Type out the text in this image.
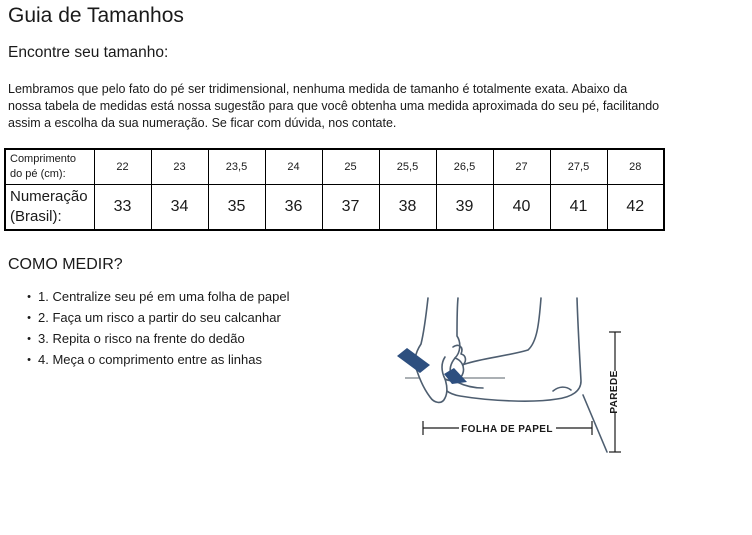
Guia de Tamanhos
Encontre seu tamanho:
Lembramos que pelo fato do pé ser tridimensional, nenhuma medida de tamanho é totalmente exata. Abaixo da
nossa tabela de medidas está nossa sugestão para que você obtenha uma medida aproximada do seu pé, facilitando
assim a escolha da sua numeração. Se ficar com dúvida, nos contate.
Comprimento do pé (cm):	22	23	23,5	24	25	25,5	26,5	27	27,5	28
Numeração (Brasil):	33	34	35	36	37	38	39	40	41	42
COMO MEDIR?
• 1. Centralize seu pé em uma folha de papel
• 2. Faça um risco a partir do seu calcanhar
• 3. Repita o risco na frente do dedão
• 4. Meça o comprimento entre as linhas
FOLHA DE PAPEL
PAREDE
